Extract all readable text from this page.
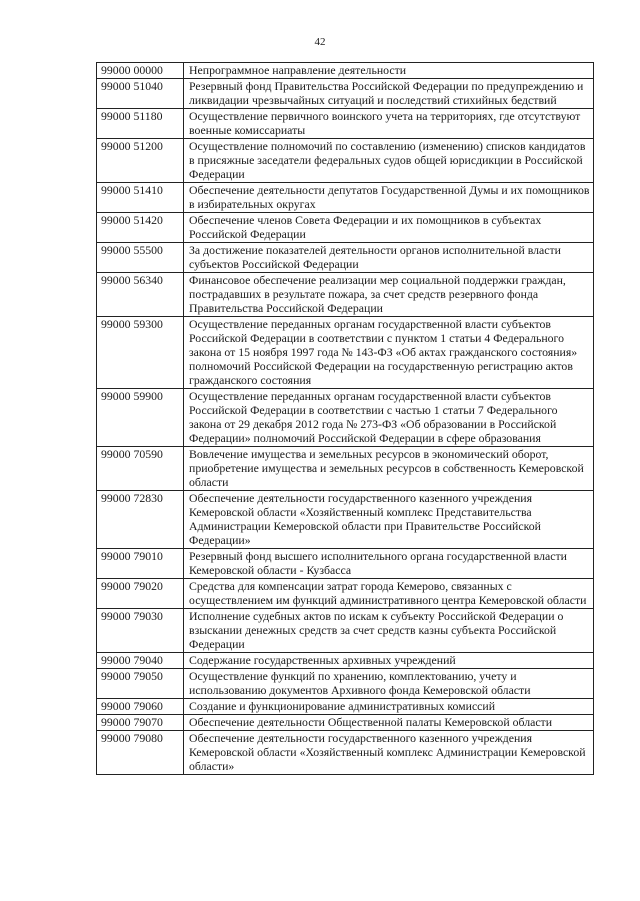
42
99000 00000	Непрограммное направление деятельности
99000 51040	Резервный фонд Правительства Российской Федерации по предупреждению и ликвидации чрезвычайных ситуаций и последствий стихийных бедствий
99000 51180	Осуществление первичного воинского учета на территориях, где отсутствуют военные комиссариаты
99000 51200	Осуществление полномочий по составлению (изменению) списков кандидатов в присяжные заседатели федеральных судов общей юрисдикции в Российской Федерации
99000 51410	Обеспечение деятельности депутатов Государственной Думы и их помощников в избирательных округах
99000 51420	Обеспечение членов Совета Федерации и их помощников в субъектах Российской Федерации
99000 55500	За достижение показателей деятельности органов исполнительной власти субъектов Российской Федерации
99000 56340	Финансовое обеспечение реализации мер социальной поддержки граждан, пострадавших в результате пожара, за счет средств резервного фонда Правительства Российской Федерации
99000 59300	Осуществление переданных органам государственной власти субъектов Российской Федерации в соответствии с пунктом 1 статьи 4 Федерального закона от 15 ноября 1997 года № 143-ФЗ «Об актах гражданского состояния» полномочий Российской Федерации на государственную регистрацию актов гражданского состояния
99000 59900	Осуществление переданных органам государственной власти субъектов Российской Федерации в соответствии с частью 1 статьи 7 Федерального закона от 29 декабря 2012 года № 273-ФЗ «Об образовании в Российской Федерации» полномочий Российской Федерации в сфере образования
99000 70590	Вовлечение имущества и земельных ресурсов в экономический оборот, приобретение имущества и земельных ресурсов в собственность Кемеровской области
99000 72830	Обеспечение деятельности государственного казенного учреждения Кемеровской области «Хозяйственный комплекс Представительства Администрации Кемеровской области при Правительстве Российской Федерации»
99000 79010	Резервный фонд высшего исполнительного органа государственной власти Кемеровской области - Кузбасса
99000 79020	Средства для компенсации затрат города Кемерово, связанных с осуществлением им функций административного центра Кемеровской области
99000 79030	Исполнение судебных актов по искам к субъекту Российской Федерации о взыскании денежных средств за счет средств казны субъекта Российской Федерации
99000 79040	Содержание государственных архивных учреждений
99000 79050	Осуществление функций по хранению, комплектованию, учету и использованию документов Архивного фонда Кемеровской области
99000 79060	Создание и функционирование административных комиссий
99000 79070	Обеспечение деятельности Общественной палаты Кемеровской области
99000 79080	Обеспечение деятельности государственного казенного учреждения Кемеровской области «Хозяйственный комплекс Администрации Кемеровской области»
